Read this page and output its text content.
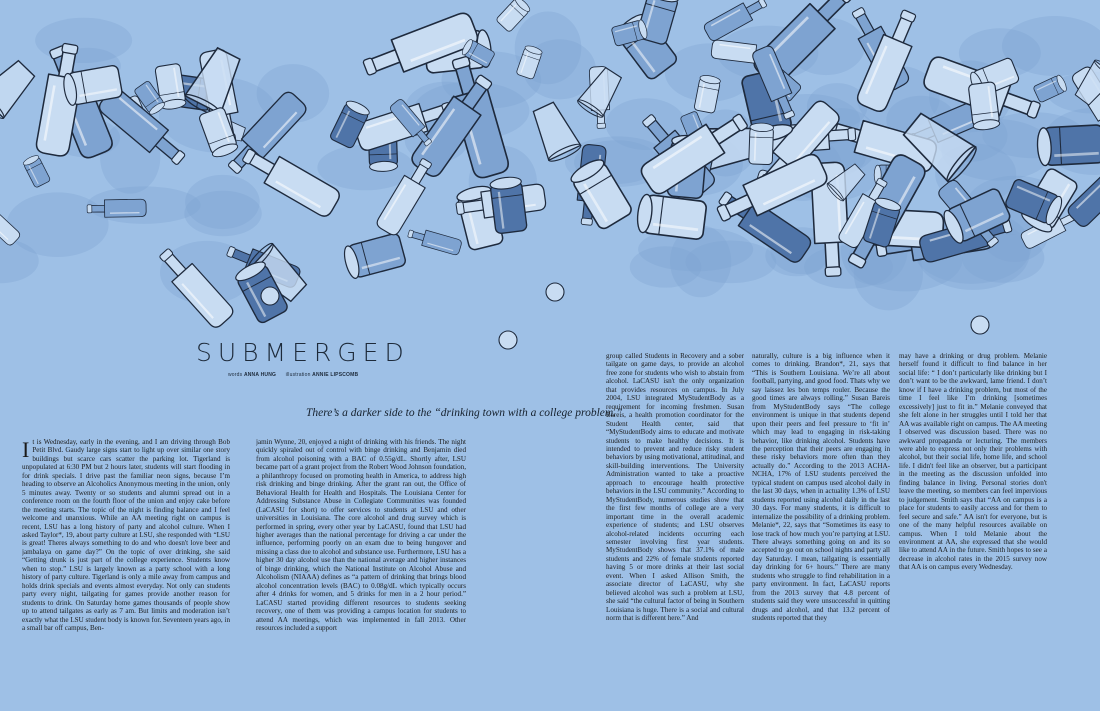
SUBMERGED
words ANNA HUNG illustration ANNIE LIPSCOMB

There’s a darker side to the “drinking town with a college problem.”

I t is Wednesday, early in the evening, and I am driving through Bob Petit Blvd. Gaudy large signs start to light up over similar one story buildings but scarce cars scatter the parking lot. Tigerland is unpopulated at 6:30 PM but 2 hours later, students will start flooding in for drink specials. I drive past the familiar neon signs, because I’m heading to observe an Alcoholics Anonymous meeting in the union, only 5 minutes away. Twenty or so students and alumni spread out in a conference room on the fourth floor of the union and enjoy cake before the meeting starts. The topic of the night is finding balance and I feel welcome and unanxious. While an AA meeting right on campus is recent, LSU has a long history of party and alcohol culture. When I asked Taylor*, 19, about party culture at LSU, she responded with “LSU is great! Theres always something to do and who doesn't love beer and jambalaya on game day?” On the topic of over drinking, she said “Getting drunk is just part of the college experience. Students know when to stop.” LSU is largely known as a party school with a long history of party culture. Tigerland is only a mile away from campus and holds drink specials and events almost everyday. Not only can students party every night, tailgating for games provide another reason for students to drink. On Saturday home games thousands of people show up to attend tailgates as early as 7 am. But limits and moderation isn’t exactly what the LSU student body is known for. Seventeen years ago, in a small bar off campus, Ben-

jamin Wynne, 20, enjoyed a night of drinking with his friends. The night quickly spiraled out of control with binge drinking and Benjamin died from alcohol poisoning with a BAC of 0.55g/dL. Shortly after, LSU became part of a grant project from the Robert Wood Johnson foundation, a philanthropy focused on promoting health in America, to address high risk drinking and binge drinking. After the grant ran out, the Office of Behavioral Health for Health and Hospitals. The Louisiana Center for Addressing Substance Abuse in Collegiate Communities was founded (LaCASU for short) to offer services to students at LSU and other universities in Louisiana. The core alcohol and drug survey which is performed in spring, every other year by LaCASU, found that LSU had higher averages than the national percentage for driving a car under the influence, performing poorly on an exam due to being hungover and missing a class due to alcohol and substance use. Furthermore, LSU has a higher 30 day alcohol use than the national average and higher instances of binge drinking, which the National Institute on Alcohol Abuse and Alcoholism (NIAAA) defines as “a pattern of drinking that brings blood alcohol concentration levels (BAC) to 0.08g/dL which typically occurs after 4 drinks for women, and 5 drinks for men in a 2 hour period.” LaCASU started providing different resources to students seeking recovery, one of them was providing a campus location for students to attend AA meetings, which was implemented in fall 2013. Other resources included a support

group called Students in Recovery and a sober tailgate on game days, to provide an alcohol free zone for students who wish to abstain from alcohol. LaCASU isn't the only organization that provides resources on campus. In July 2004, LSU integrated MyStudentBody as a requirement for incoming freshmen. Susan Bareis, a health promotion coordinator for the Student Health center, said that “MyStudentBody aims to educate and motivate students to make healthy decisions. It is intended to prevent and reduce risky student behaviors by using motivational, attitudinal, and skill-building interventions. The University Administration wanted to take a proactive approach to encourage health protective behaviors in the LSU community.” According to MyStudentBody, numerous studies show that the first few months of college are a very important time in the overall academic experience of students; and LSU observes alcohol-related incidents occurring each semester involving first year students. MyStudentBody shows that 37.1% of male students and 22% of female students reported having 5 or more drinks at their last social event. When I asked Allison Smith, the associate director of LaCASU, why she believed alcohol was such a problem at LSU, she said “the cultural factor of being in Southern Louisiana is huge. There is a social and cultural norm that is different here.” And

naturally, culture is a big influence when it comes to drinking. Brandon*, 21, says that “This is Southern Louisiana. We’re all about football, partying, and good food. Thats why we say laissez les bon temps rouler. Because the good times are always rolling.” Susan Bareis from MyStudentBody says “The college environment is unique in that students depend upon their peers and feel pressure to ‘fit in’ which may lead to engaging in risk-taking behavior, like drinking alcohol. Students have the perception that their peers are engaging in these risky behaviors more often than they actually do.” According to the 2013 ACHA-NCHA, 17% of LSU students perceived the typical student on campus used alcohol daily in the last 30 days, when in actuality 1.3% of LSU students reported using alcohol daily in the last 30 days. For many students, it is difficult to internalize the possibility of a drinking problem. Melanie*, 22, says that “Sometimes its easy to lose track of how much you’re partying at LSU. There always something going on and its so accepted to go out on school nights and party all day Saturday. I mean, tailgating is essentially day drinking for 6+ hours.” There are many students who struggle to find rehabilitation in a party environment. In fact, LaCASU reports from the 2013 survey that 4.8 percent of students said they were unsuccessful in quitting drugs and alcohol, and that 13.2 percent of students reported that they

may have a drinking or drug problem. Melanie herself found it difficult to find balance in her social life: “ I don’t particularly like drinking but I don’t want to be the awkward, lame friend. I don’t know if I have a drinking problem, but most of the time I feel like I’m drinking [sometimes excessively] just to fit in.” Melanie conveyed that she felt alone in her struggles until I told her that AA was available right on campus. The AA meeting I observed was discussion based. There was no awkward propaganda or lecturing. The members were able to express not only their problems with alcohol, but their social life, home life, and school life. I didn't feel like an observer, but a participant in the meeting as the discussion unfolded into finding balance in living. Personal stories don't leave the meeting, so members can feel impervious to judgement. Smith says that “AA on campus is a place for students to easily access and for them to feel secure and safe.” AA isn't for everyone, but is one of the many helpful resources available on campus. When I told Melanie about the environment at AA, she expressed that she would like to attend AA in the future. Smith hopes to see a decrease in alcohol rates in the 2015 survey now that AA is on campus every Wednesday.
